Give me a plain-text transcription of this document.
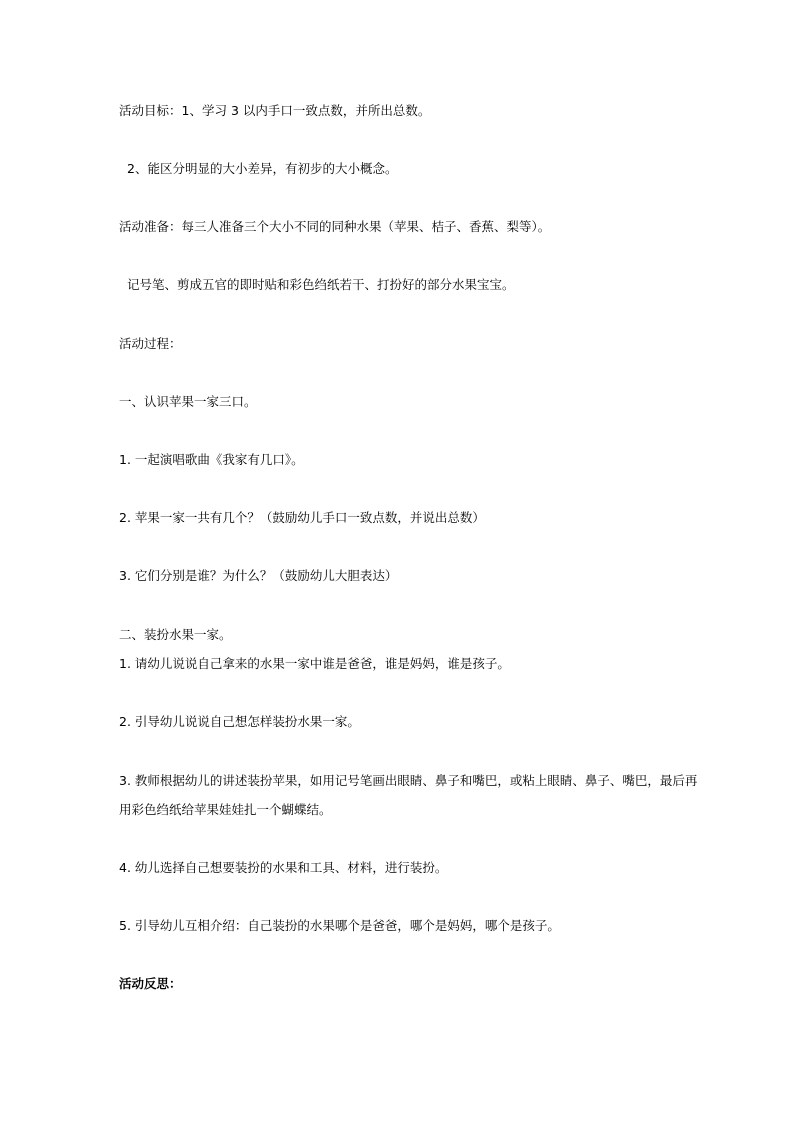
活动目标：1、学习 3 以内手口一致点数，并所出总数。

2、能区分明显的大小差异，有初步的大小概念。

活动准备：每三人准备三个大小不同的同种水果（苹果、桔子、香蕉、梨等）。

记号笔、剪成五官的即时贴和彩色绉纸若干、打扮好的部分水果宝宝。

活动过程：

一、认识苹果一家三口。

1. 一起演唱歌曲《我家有几口》。

2. 苹果一家一共有几个？（鼓励幼儿手口一致点数，并说出总数）

3. 它们分别是谁？为什么？（鼓励幼儿大胆表达）

二、装扮水果一家。

1. 请幼儿说说自己拿来的水果一家中谁是爸爸，谁是妈妈，谁是孩子。

2. 引导幼儿说说自己想怎样装扮水果一家。

3. 教师根据幼儿的讲述装扮苹果，如用记号笔画出眼睛、鼻子和嘴巴，或粘上眼睛、鼻子、嘴巴，最后再

用彩色绉纸给苹果娃娃扎一个蝴蝶结。

4. 幼儿选择自己想要装扮的水果和工具、材料，进行装扮。

5. 引导幼儿互相介绍：自己装扮的水果哪个是爸爸，哪个是妈妈，哪个是孩子。

活动反思：
